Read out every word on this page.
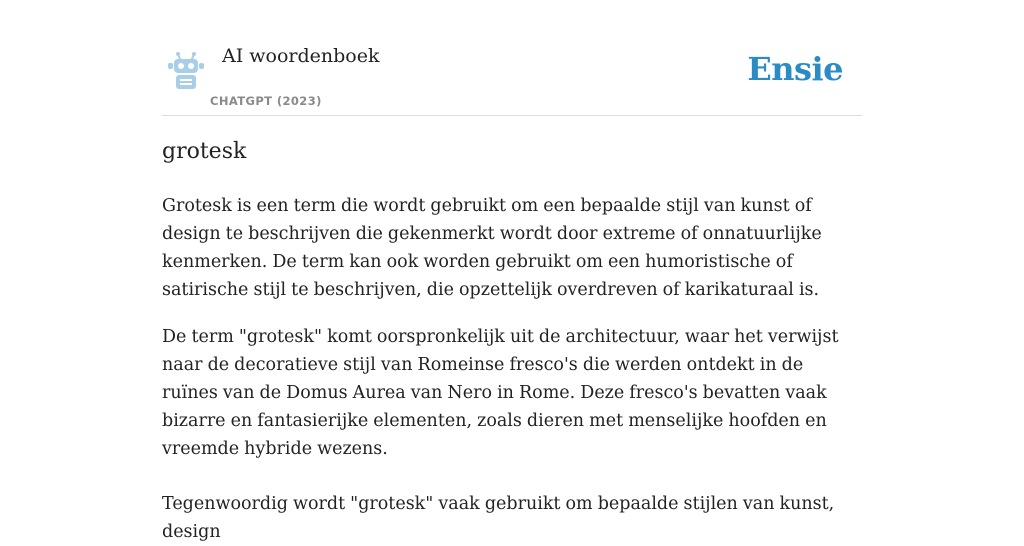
AI woordenboek
CHATGPT (2023)
Ensie
grotesk

Grotesk is een term die wordt gebruikt om een bepaalde stijl van kunst of design te beschrijven die gekenmerkt wordt door extreme of onnatuurlijke kenmerken. De term kan ook worden gebruikt om een humoristische of satirische stijl te beschrijven, die opzettelijk overdreven of karikaturaal is.

De term "grotesk" komt oorspronkelijk uit de architectuur, waar het verwijst naar de decoratieve stijl van Romeinse fresco's die werden ontdekt in de ruïnes van de Domus Aurea van Nero in Rome. Deze fresco's bevatten vaak bizarre en fantasierijke elementen, zoals dieren met menselijke hoofden en vreemde hybride wezens.

Tegenwoordig wordt "grotesk" vaak gebruikt om bepaalde stijlen van kunst, design
